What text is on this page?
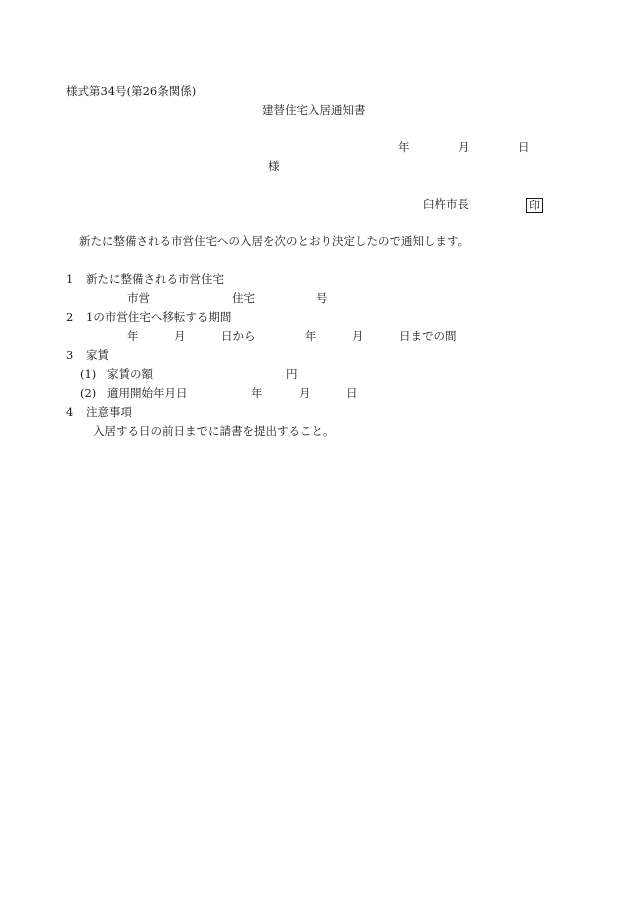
様式第34号(第26条関係)
建替住宅入居通知書
年	月	日
様
臼杵市長	印
新たに整備される市営住宅への入居を次のとおり決定したので通知します。
1 新たに整備される市営住宅
市営	住宅	号
2 1の市営住宅へ移転する期間
年	月	日から	年	月	日までの間
3 家賃
(1) 家賃の額	円
(2) 適用開始年月日	年	月	日
4 注意事項
入居する日の前日までに請書を提出すること。
